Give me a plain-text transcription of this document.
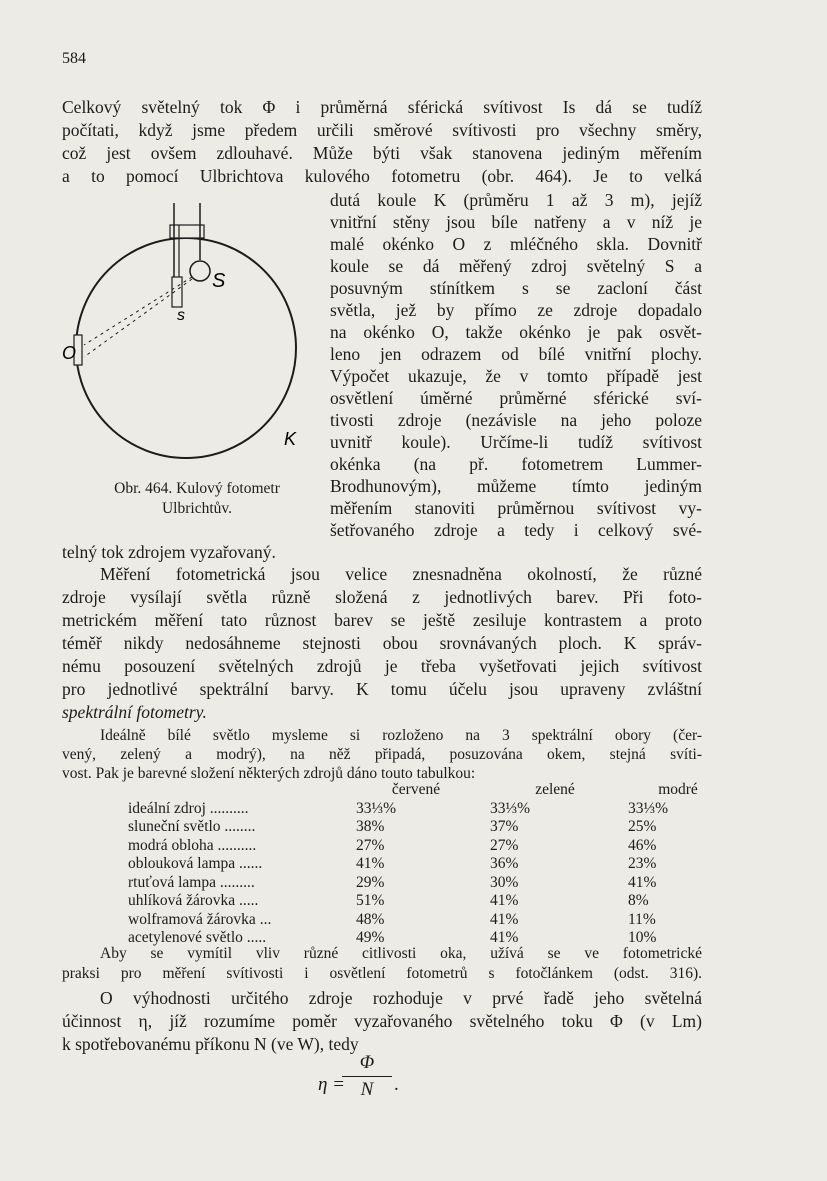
584
Celkový světelný tok Φ i průměrná sférická svítivost Is dá se tudíž
počítati, když jsme předem určili směrové svítivosti pro všechny směry,
což jest ovšem zdlouhavé. Může býti však stanovena jediným měřením
a to pomocí Ulbrichtova kulového fotometru (obr. 464). Je to velká
dutá koule K (průměru 1 až 3 m), jejíž
vnitřní stěny jsou bíle natřeny a v níž je
malé okénko O z mléčného skla. Dovnitř
koule se dá měřený zdroj světelný S a
posuvným stínítkem s se zacloní část
světla, jež by přímo ze zdroje dopadalo
na okénko O, takže okénko je pak osvět-
leno jen odrazem od bílé vnitřní plochy.
Výpočet ukazuje, že v tomto případě jest
osvětlení úměrné průměrné sférické sví-
tivosti zdroje (nezávisle na jeho poloze
uvnitř koule). Určíme-li tudíž svítivost
okénka (na př. fotometrem Lummer-
Brodhunovým), můžeme tímto jediným
měřením stanoviti průměrnou svítivost vy-
šetřovaného zdroje a tedy i celkový své-
telný tok zdrojem vyzařovaný.
S
s
O
K
Obr. 464. Kulový fotometr
Ulbrichtův.
Měření fotometrická jsou velice znesnadněna okolností, že různé
zdroje vysílají světla různě složená z jednotlivých barev. Při foto-
metrickém měření tato různost barev se ještě zesiluje kontrastem a proto
téměř nikdy nedosáhneme stejnosti obou srovnávaných ploch. K správ-
nému posouzení světelných zdrojů je třeba vyšetřovati jejich svítivost
pro jednotlivé spektrální barvy. K tomu účelu jsou upraveny zvláštní
spektrální fotometry.
Ideálně bílé světlo mysleme si rozloženo na 3 spektrální obory (čer-
vený, zelený a modrý), na něž připadá, posuzována okem, stejná svíti-
vost. Pak je barevné složení některých zdrojů dáno touto tabulkou:
	červené	zelené	modré
ideální zdroj ..........	33⅓%	33⅓%	33⅓%
sluneční světlo ........	38%	37%	25%
modrá obloha ..........	27%	27%	46%
oblouková lampa ......	41%	36%	23%
rtuťová lampa .........	29%	30%	41%
uhlíková žárovka .....	51%	41%	8%
wolframová žárovka ...	48%	41%	11%
acetylenové světlo .....	49%	41%	10%
Aby se vymítil vliv různé citlivosti oka, užívá se ve fotometrické
praksi pro měření svítivosti i osvětlení fotometrů s fotočlánkem (odst. 316).
O výhodnosti určitého zdroje rozhoduje v prvé řadě jeho světelná
účinnost η, jíž rozumíme poměr vyzařovaného světelného toku Φ (v Lm)
k spotřebovanému příkonu N (ve W), tedy
η =
Φ
N	.
